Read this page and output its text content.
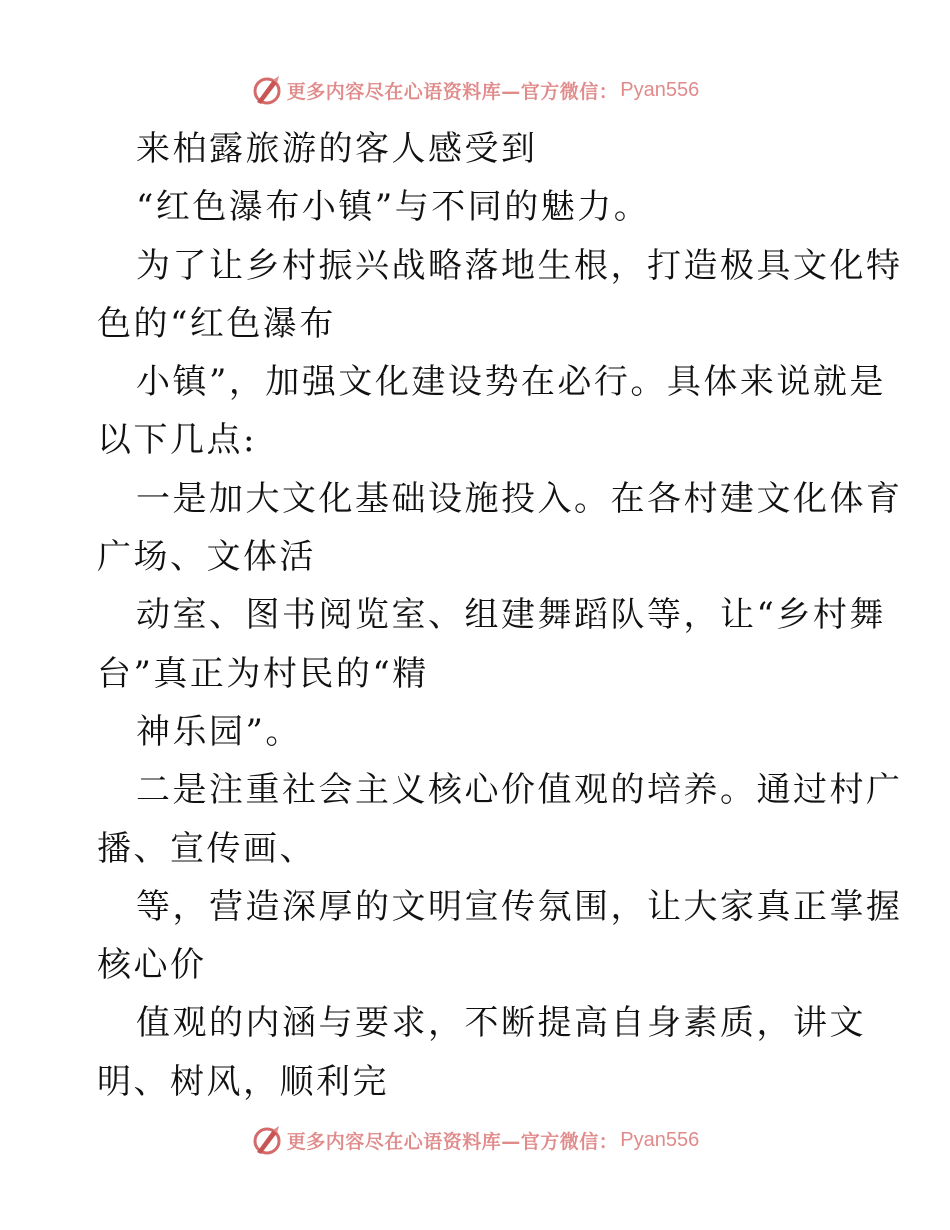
更多内容尽在心语资料库—官方微信： Pyan556
来柏露旅游的客人感受到
“红色瀑布小镇”与不同的魅力。
为了让乡村振兴战略落地生根，打造极具文化特
色的“红色瀑布
小镇”，加强文化建设势在必行。具体来说就是
以下几点:
一是加大文化基础设施投入。在各村建文化体育
广场、文体活
动室、图书阅览室、组建舞蹈队等，让“乡村舞
台”真正为村民的“精
神乐园”。
二是注重社会主义核心价值观的培养。通过村广
播、宣传画、
等，营造深厚的文明宣传氛围，让大家真正掌握
核心价
值观的内涵与要求，不断提高自身素质，讲文
明、树风，顺利完
更多内容尽在心语资料库—官方微信： Pyan556
